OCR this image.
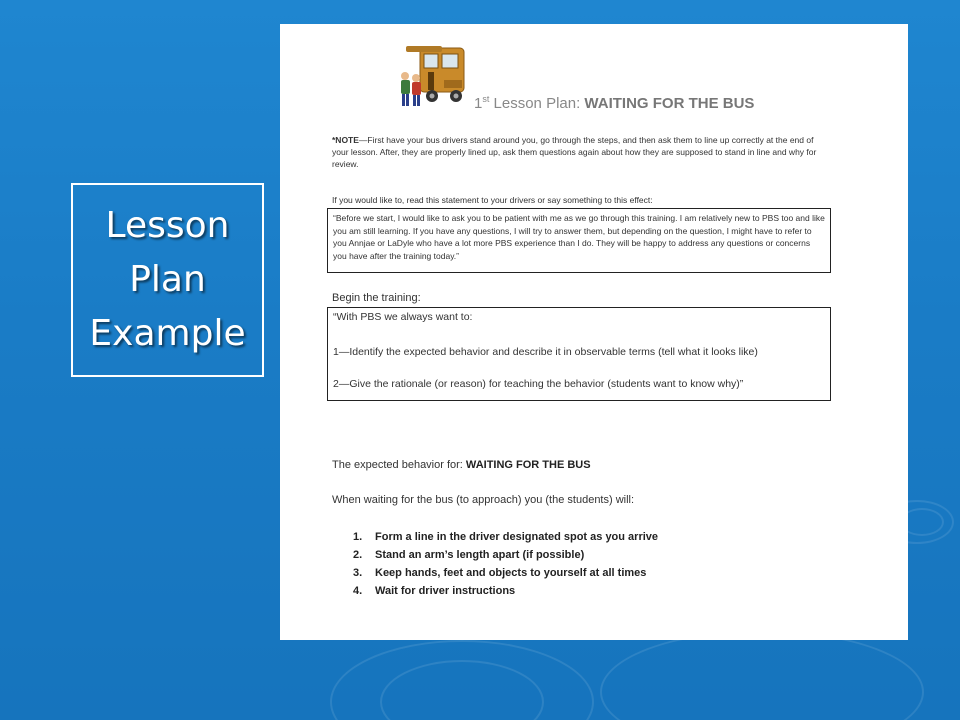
Lesson
Plan
Example
1st Lesson Plan: WAITING FOR THE BUS
*NOTE—First have your bus drivers stand around you, go through the steps, and then ask them to line up correctly at the end of your lesson. After, they are properly lined up, ask them questions again about how they are supposed to stand in line and why for review.
If you would like to, read this statement to your drivers or say something to this effect:
“Before we start, I would like to ask you to be patient with me as we go through this training. I am relatively new to PBS too and like you am still learning. If you have any questions, I will try to answer them, but depending on the question, I might have to refer to you Annjae or LaDyle who have a lot more PBS experience than I do. They will be happy to address any questions or concerns you have after the training today.”
Begin the training:
“With PBS we always want to:
1—Identify the expected behavior and describe it in observable terms (tell what it looks like)
2—Give the rationale (or reason) for teaching the behavior (students want to know why)”
The expected behavior for: WAITING FOR THE BUS
When waiting for the bus (to approach) you (the students) will:
1. Form a line in the driver designated spot as you arrive
2. Stand an arm’s length apart (if possible)
3. Keep hands, feet and objects to yourself at all times
4. Wait for driver instructions
